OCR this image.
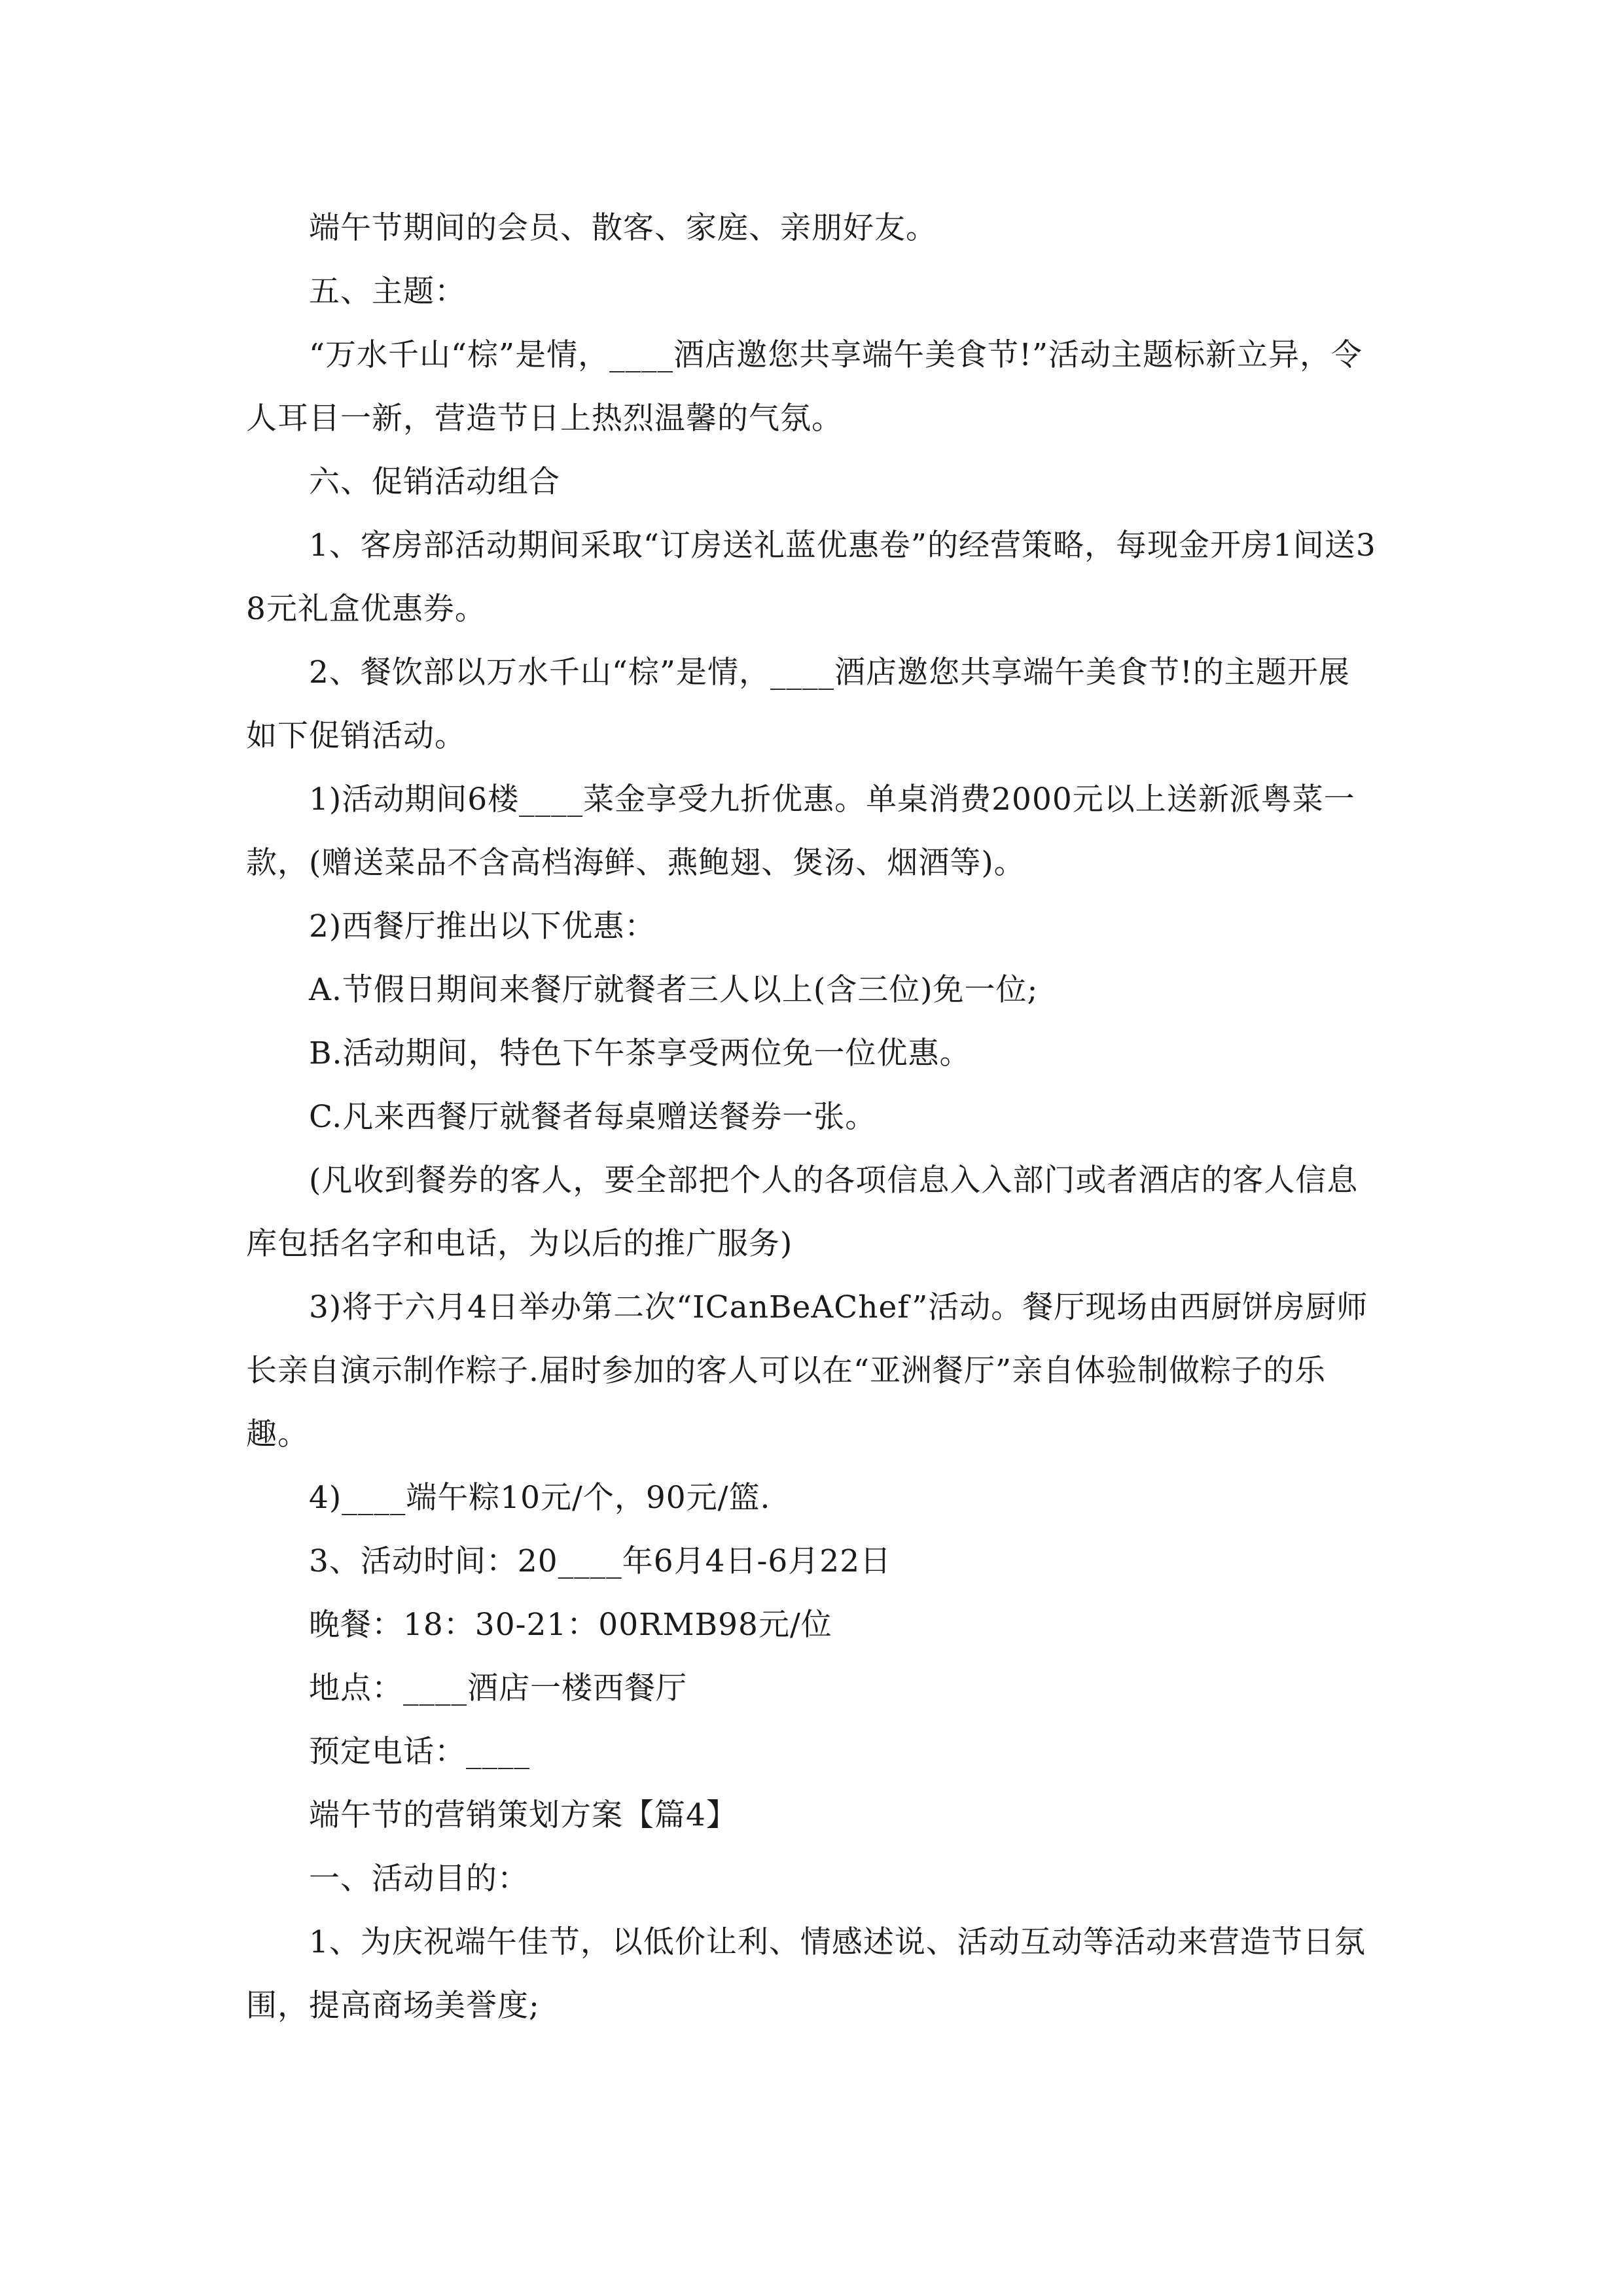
端午节期间的会员、散客、家庭、亲朋好友。

五、主题：

“万水千山“棕”是情，____酒店邀您共享端午美食节!”活动主题标新立异，令人耳目一新，营造节日上热烈温馨的气氛。

六、促销活动组合

1、客房部活动期间采取“订房送礼蓝优惠卷”的经营策略，每现金开房1间送38元礼盒优惠券。

2、餐饮部以万水千山“棕”是情，____酒店邀您共享端午美食节!的主题开展如下促销活动。

1)活动期间6楼____菜金享受九折优惠。单桌消费2000元以上送新派粤菜一款，(赠送菜品不含高档海鲜、燕鲍翅、煲汤、烟酒等)。

2)西餐厅推出以下优惠：

A.节假日期间来餐厅就餐者三人以上(含三位)免一位;

B.活动期间，特色下午茶享受两位免一位优惠。

C.凡来西餐厅就餐者每桌赠送餐券一张。

(凡收到餐券的客人，要全部把个人的各项信息入入部门或者酒店的客人信息库包括名字和电话，为以后的推广服务)

3)将于六月4日举办第二次“ICanBeAChef”活动。餐厅现场由西厨饼房厨师长亲自演示制作粽子.届时参加的客人可以在“亚洲餐厅”亲自体验制做粽子的乐趣。

4)____端午粽10元/个，90元/篮.

3、活动时间：20____年6月4日-6月22日

晚餐：18：30-21：00RMB98元/位

地点：____酒店一楼西餐厅

预定电话：____

端午节的营销策划方案【篇4】

一、活动目的：

1、为庆祝端午佳节，以低价让利、情感述说、活动互动等活动来营造节日氛围，提高商场美誉度;
